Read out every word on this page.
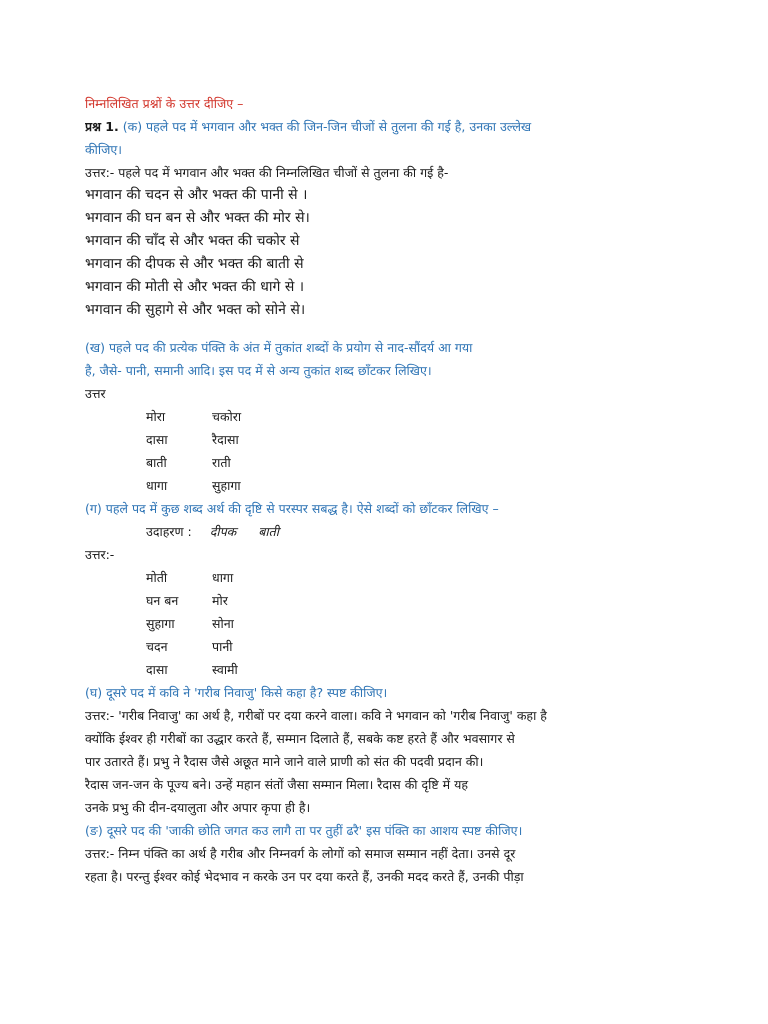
निम्नलिखित प्रश्नों के उत्तर दीजिए –
प्रश्न 1. (क) पहले पद में भगवान और भक्त की जिन-जिन चीजों से तुलना की गई है, उनका उल्लेख
कीजिए।
उत्तर:- पहले पद में भगवान और भक्त की निम्नलिखित चीजों से तुलना की गई है-
भगवान की चदन से और भक्त की पानी से ।
भगवान की घन बन से और भक्त की मोर से।
भगवान की चाँद से और भक्त की चकोर से
भगवान की दीपक से और भक्त की बाती से
भगवान की मोती से और भक्त की धागे से ।
भगवान की सुहागे से और भक्त को सोने से।
(ख) पहले पद की प्रत्येक पंक्ति के अंत में तुकांत शब्दों के प्रयोग से नाद-सौंदर्य आ गया
है, जैसे- पानी, समानी आदि। इस पद में से अन्य तुकांत शब्द छाँटकर लिखिए।
उत्तर
मोरा	चकोरा
दासा	रैदासा
बाती	राती
धागा	सुहागा
(ग) पहले पद में कुछ शब्द अर्थ की दृष्टि से परस्पर सबद्ध है। ऐसे शब्दों को छाँटकर लिखिए –
उदाहरण : दीपक बाती
उत्तर:-
मोती	धागा
घन बन	मोर
सुहागा	सोना
चदन	पानी
दासा	स्वामी
(घ) दूसरे पद में कवि ने 'गरीब निवाजु' किसे कहा है? स्पष्ट कीजिए।
उत्तर:- 'गरीब निवाजु' का अर्थ है, गरीबों पर दया करने वाला। कवि ने भगवान को 'गरीब निवाजु' कहा है
क्योंकि ईश्वर ही गरीबों का उद्धार करते हैं, सम्मान दिलाते हैं, सबके कष्ट हरते हैं और भवसागर से
पार उतारते हैं। प्रभु ने रैदास जैसे अछूत माने जाने वाले प्राणी को संत की पदवी प्रदान की।
रैदास जन-जन के पूज्य बने। उन्हें महान संतों जैसा सम्मान मिला। रैदास की दृष्टि में यह
उनके प्रभु की दीन-दयालुता और अपार कृपा ही है।
(ङ) दूसरे पद की 'जाकी छोति जगत कउ लागै ता पर तुहीं ढरै' इस पंक्ति का आशय स्पष्ट कीजिए।
उत्तर:- निम्न पंक्ति का अर्थ है गरीब और निम्नवर्ग के लोगों को समाज सम्मान नहीं देता। उनसे दूर
रहता है। परन्तु ईश्वर कोई भेदभाव न करके उन पर दया करते हैं, उनकी मदद करते हैं, उनकी पीड़ा
